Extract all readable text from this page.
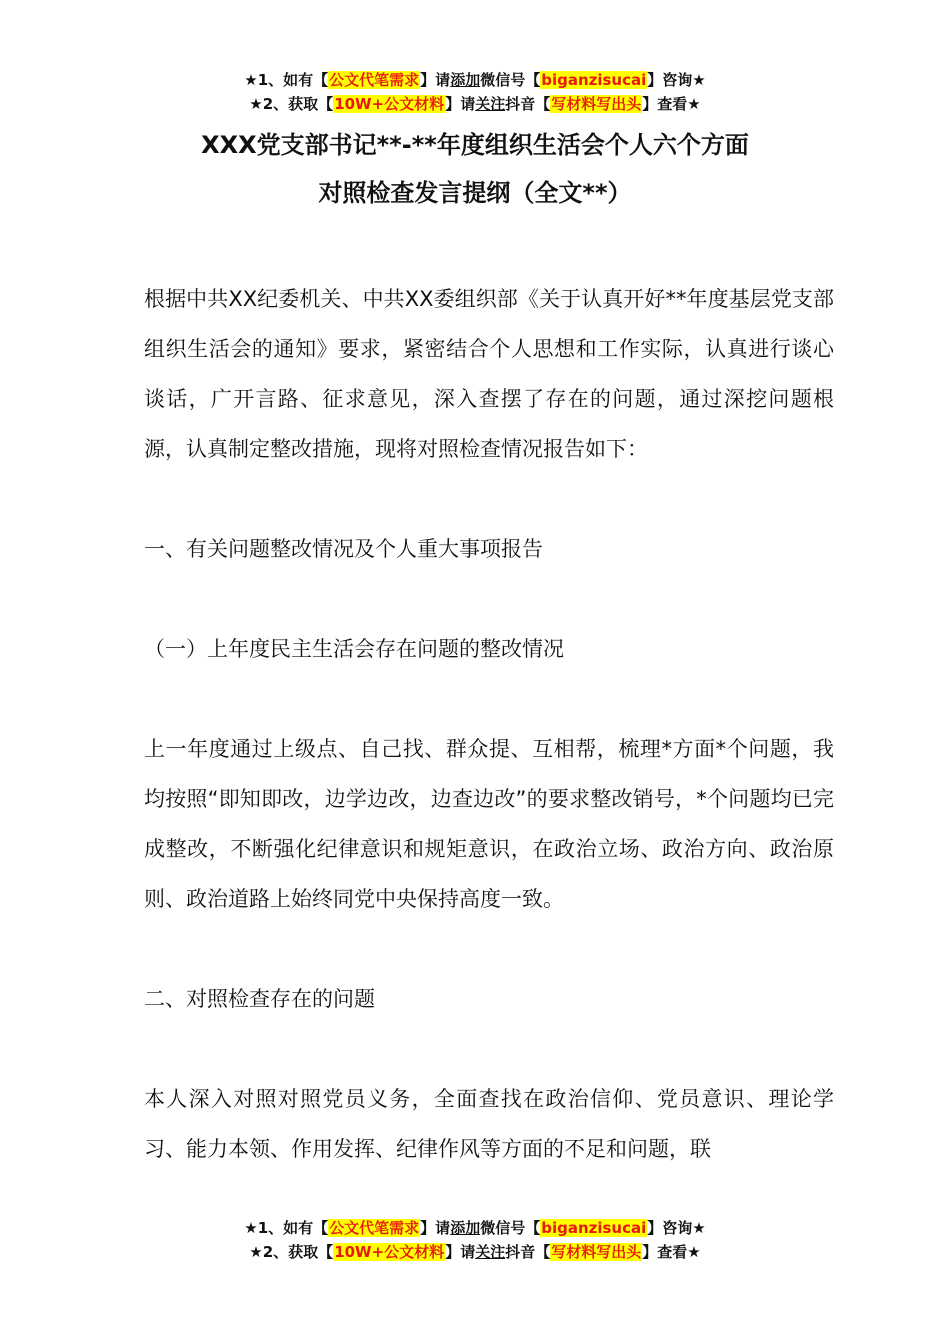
★1、如有【公文代笔需求】请添加微信号【biganzisucai】咨询★
★2、获取【10W+公文材料】请关注抖音【写材料写出头】查看★
XXX党支部书记**-**年度组织生活会个人六个方面
对照检查发言提纲（全文**）

根据中共XX纪委机关、中共XX委组织部《关于认真开好**年度基层党支部组织生活会的通知》要求，紧密结合个人思想和工作实际，认真进行谈心谈话，广开言路、征求意见，深入查摆了存在的问题，通过深挖问题根源，认真制定整改措施，现将对照检查情况报告如下：

一、有关问题整改情况及个人重大事项报告

（一）上年度民主生活会存在问题的整改情况

上一年度通过上级点、自己找、群众提、互相帮，梳理*方面*个问题，我均按照“即知即改，边学边改，边查边改”的要求整改销号，*个问题均已完成整改，不断强化纪律意识和规矩意识，在政治立场、政治方向、政治原则、政治道路上始终同党中央保持高度一致。

二、对照检查存在的问题

本人深入对照对照党员义务，全面查找在政治信仰、党员意识、理论学习、能力本领、作用发挥、纪律作风等方面的不足和问题，联

★1、如有【公文代笔需求】请添加微信号【biganzisucai】咨询★
★2、获取【10W+公文材料】请关注抖音【写材料写出头】查看★
